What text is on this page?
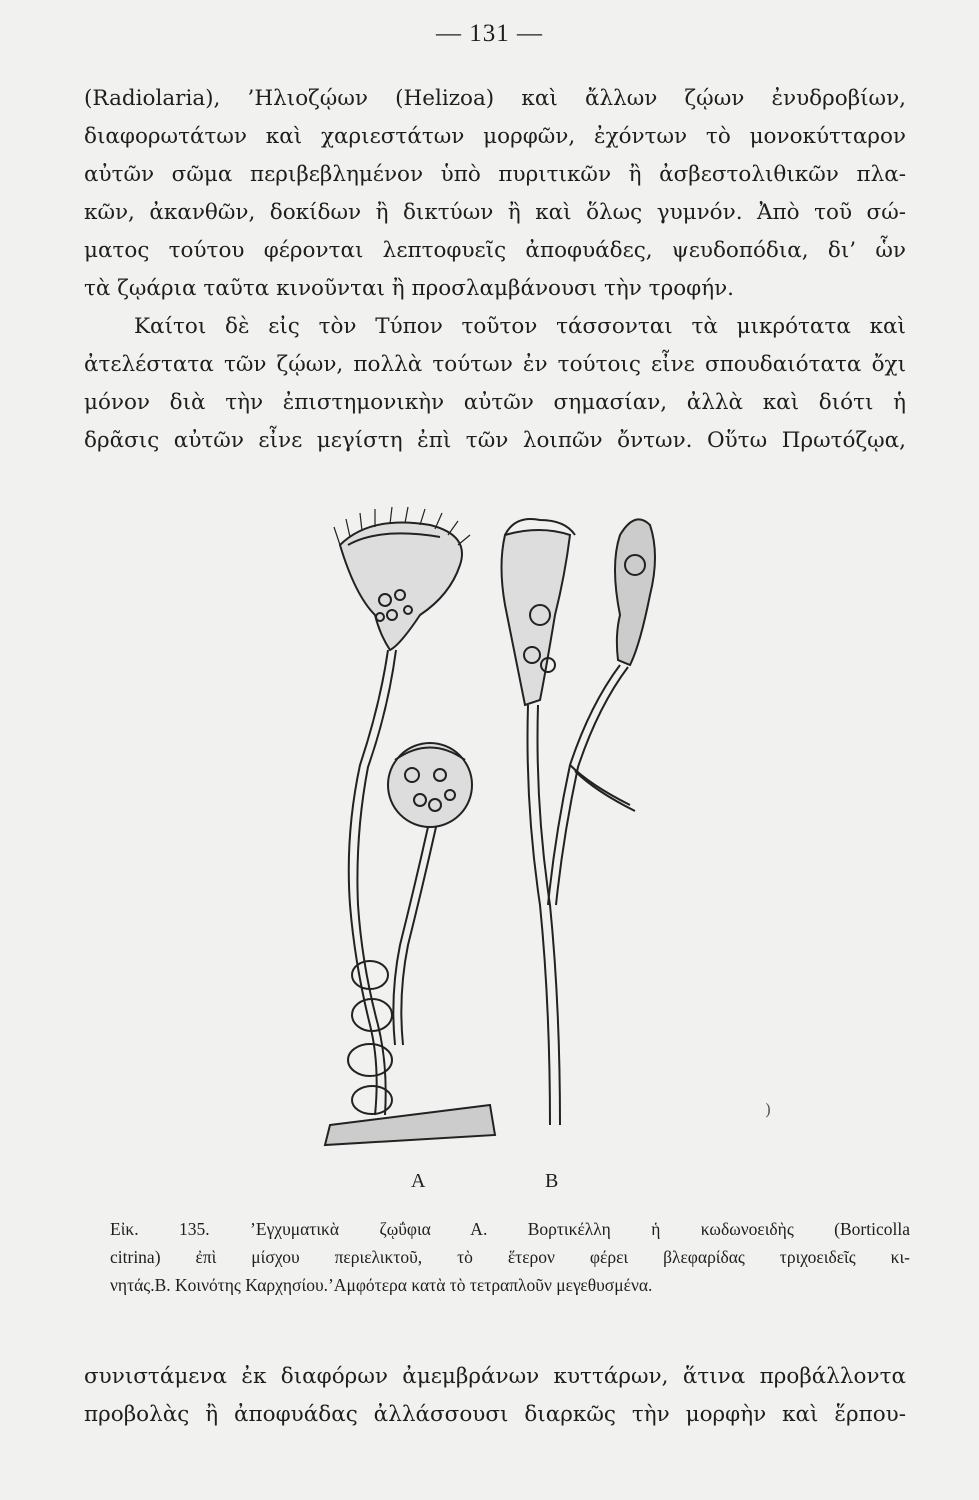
— 131 —
(Radiolaria), ’Ηλιοζῴων (Helizoa) καὶ ἄλλων ζῴων ἐνυδροβίων,
διαφορωτάτων καὶ χαριεστάτων μορφῶν, ἐχόντων τὸ μονοκύτταρον
αὐτῶν σῶμα περιβεβλημένον ὑπὸ πυριτικῶν ἢ ἀσβεστολιθικῶν πλα-
κῶν, ἀκανθῶν, δοκίδων ἢ δικτύων ἢ καὶ ὅλως γυμνόν. Ἀπὸ τοῦ σώ-
ματος τούτου φέρονται λεπτοφυεῖς ἀποφυάδες, ψευδοπόδια, δι’ ὧν
τὰ ζῳάρια ταῦτα κινοῦνται ἢ προσλαμβάνουσι τὴν τροφήν.
Καίτοι δὲ εἰς τὸν Τύπον τοῦτον τάσσονται τὰ μικρότατα καὶ
ἀτελέστατα τῶν ζῴων, πολλὰ τούτων ἐν τούτοις εἶνε σπουδαιότατα ὄχι
μόνον διὰ τὴν ἐπιστημονικὴν αὐτῶν σημασίαν, ἀλλὰ καὶ διότι ἡ
δρᾶσις αὐτῶν εἶνε μεγίστη ἐπὶ τῶν λοιπῶν ὄντων. Οὕτω Πρωτόζῳα,
A	B
)
Εἰκ. 135. ’Εγχυματικὰ ζῳΰφια Α. Βορτικέλλη ἡ κωδωνοειδὴς (Borticolla
citrina) ἐπὶ μίσχου περιελικτοῦ, τὸ ἕτερον φέρει βλεφαρίδας τριχοειδεῖς κι-
νητάς.Β. Κοινότης Καρχησίου.’Αμφότερα κατὰ τὸ τετραπλοῦν μεγεθυσμένα.
συνιστάμενα ἐκ διαφόρων ἀμεμβράνων κυττάρων, ἅτινα προβάλλοντα
προβολὰς ἢ ἀποφυάδας ἀλλάσσουσι διαρκῶς τὴν μορφὴν καὶ ἕρπου-
